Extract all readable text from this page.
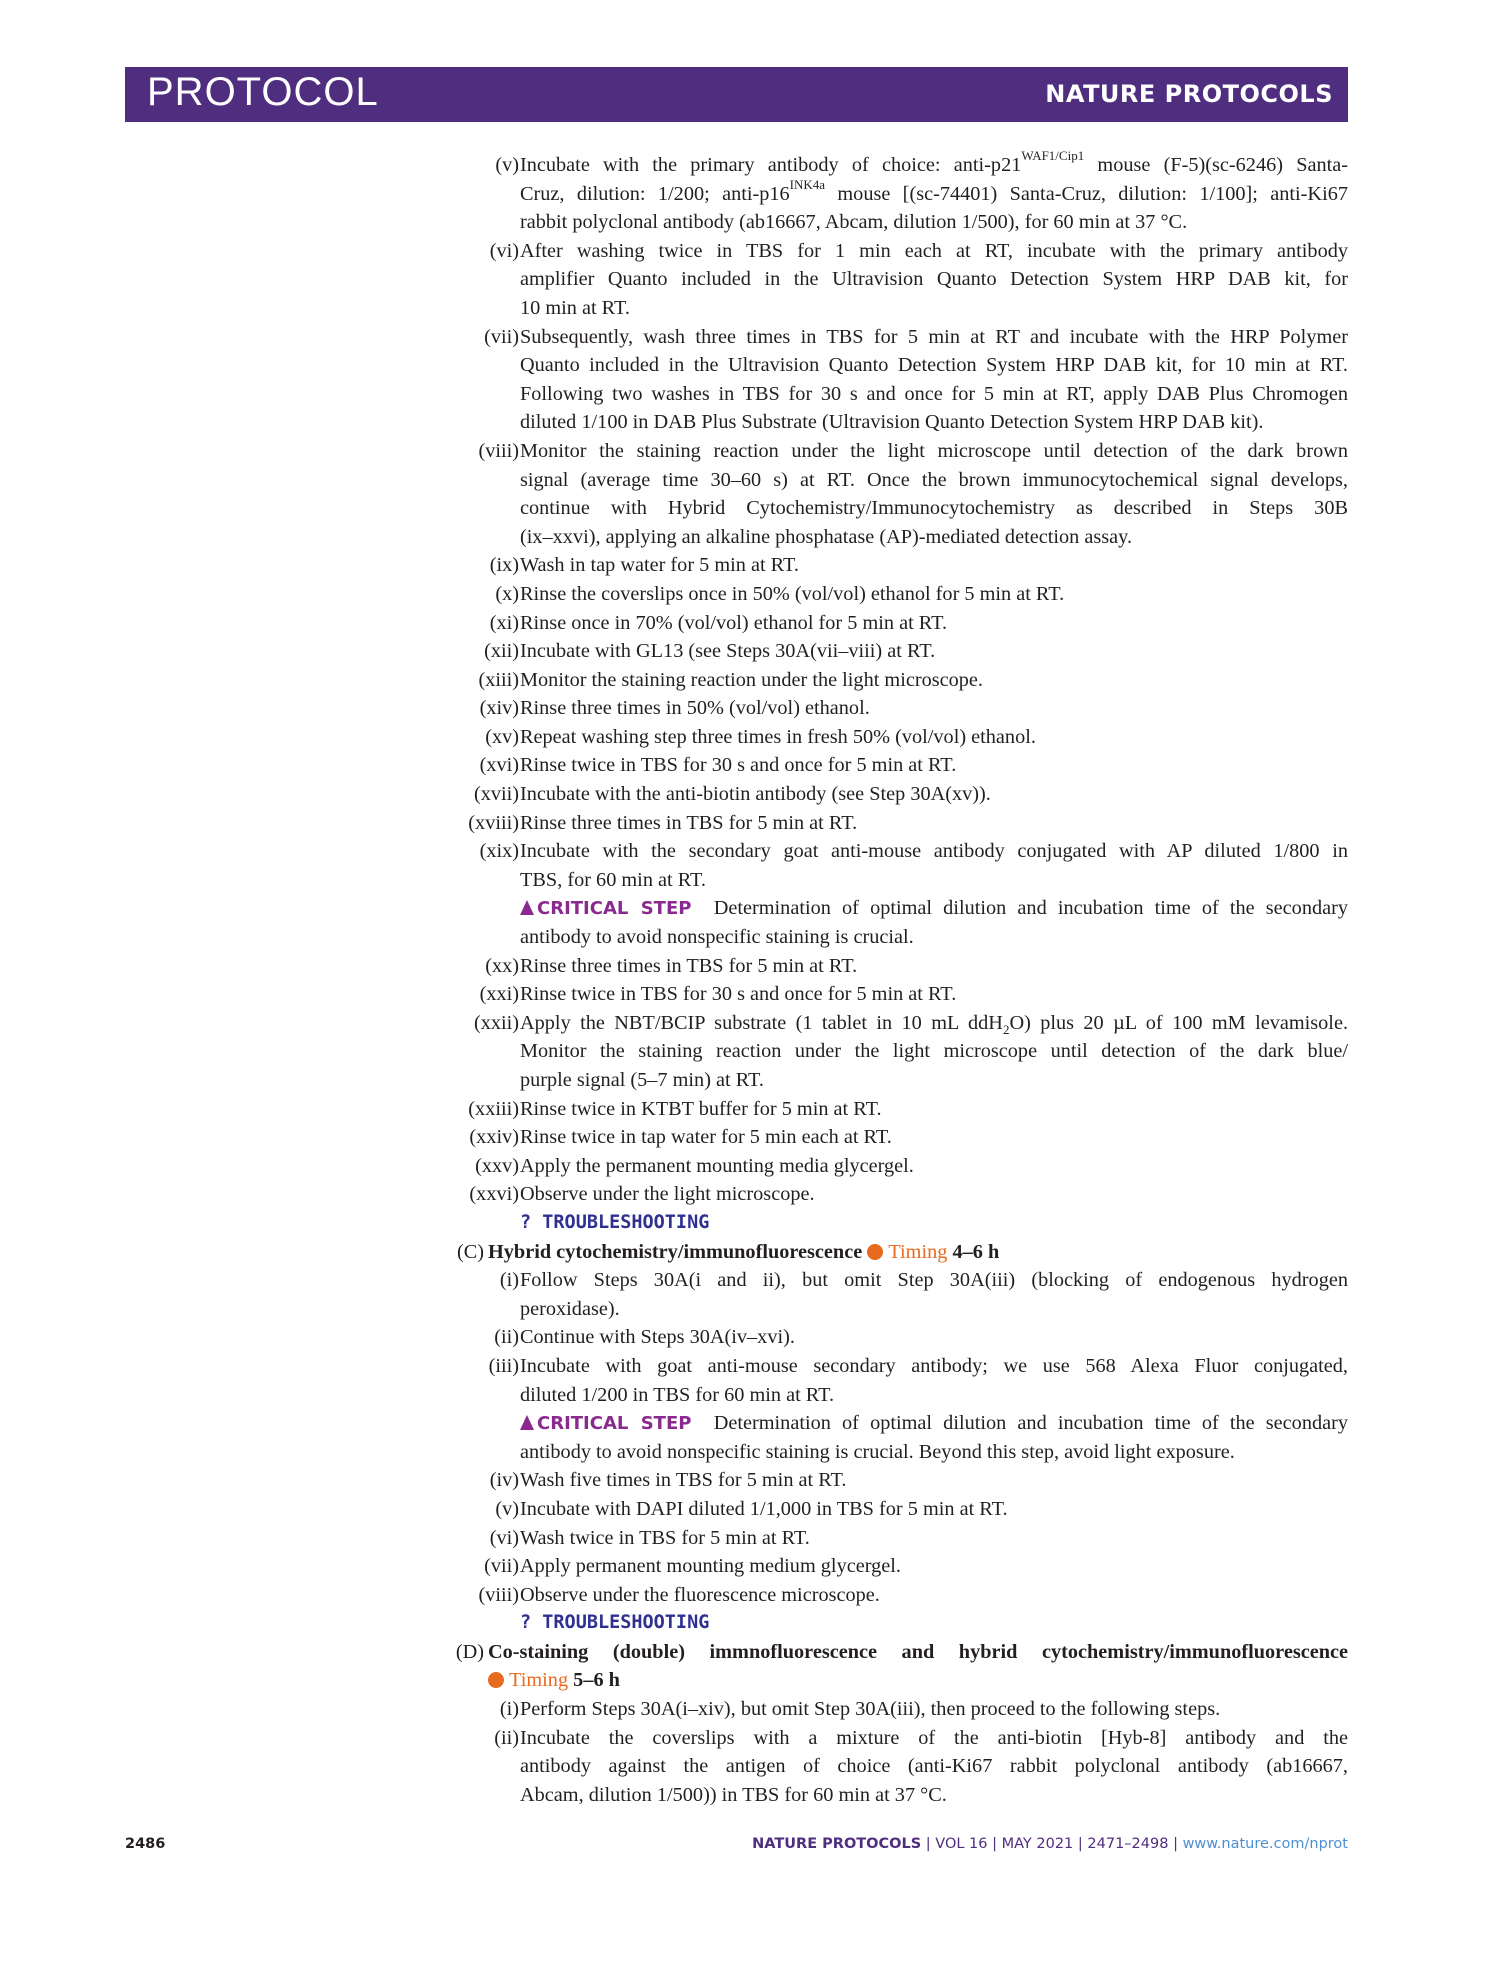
PROTOCOL	NATURE PROTOCOLS
(v) Incubate with the primary antibody of choice: anti-$p21^{WAF1/Cip1}$ mouse (F-5)(sc-6246) Santa-
Cruz, dilution: 1/200; anti-$p16^{INK4a}$ mouse [(sc-74401) Santa-Cruz, dilution: 1/100]; anti-Ki67
rabbit polyclonal antibody (ab16667, Abcam, dilution 1/500), for 60 min at 37 °C.
(vi) After washing twice in TBS for 1 min each at RT, incubate with the primary antibody
amplifier Quanto included in the Ultravision Quanto Detection System HRP DAB kit, for
10 min at RT.
(vii) Subsequently, wash three times in TBS for 5 min at RT and incubate with the HRP Polymer
Quanto included in the Ultravision Quanto Detection System HRP DAB kit, for 10 min at RT.
Following two washes in TBS for 30 s and once for 5 min at RT, apply DAB Plus Chromogen
diluted 1/100 in DAB Plus Substrate (Ultravision Quanto Detection System HRP DAB kit).
(viii) Monitor the staining reaction under the light microscope until detection of the dark brown
signal (average time 30–60 s) at RT. Once the brown immunocytochemical signal develops,
continue with Hybrid Cytochemistry/Immunocytochemistry as described in Steps 30B
(ix–xxvi), applying an alkaline phosphatase (AP)-mediated detection assay.
(ix) Wash in tap water for 5 min at RT.
(x) Rinse the coverslips once in 50% (vol/vol) ethanol for 5 min at RT.
(xi) Rinse once in 70% (vol/vol) ethanol for 5 min at RT.
(xii) Incubate with GL13 (see Steps 30A(vii–viii) at RT.
(xiii) Monitor the staining reaction under the light microscope.
(xiv) Rinse three times in 50% (vol/vol) ethanol.
(xv) Repeat washing step three times in fresh 50% (vol/vol) ethanol.
(xvi) Rinse twice in TBS for 30 s and once for 5 min at RT.
(xvii) Incubate with the anti-biotin antibody (see Step 30A(xv)).
(xviii) Rinse three times in TBS for 5 min at RT.
(xix) Incubate with the secondary goat anti-mouse antibody conjugated with AP diluted 1/800 in
TBS, for 60 min at RT.
CRITICAL STEP Determination of optimal dilution and incubation time of the secondary
antibody to avoid nonspecific staining is crucial.
(xx) Rinse three times in TBS for 5 min at RT.
(xxi) Rinse twice in TBS for 30 s and once for 5 min at RT.
(xxii) Apply the NBT/BCIP substrate (1 tablet in 10 mL ddH$_2$O) plus 20 µL of 100 mM levamisole.
Monitor the staining reaction under the light microscope until detection of the dark blue/
purple signal (5–7 min) at RT.
(xxiii) Rinse twice in KTBT buffer for 5 min at RT.
(xxiv) Rinse twice in tap water for 5 min each at RT.
(xxv) Apply the permanent mounting media glycergel.
(xxvi) Observe under the light microscope.
? TROUBLESHOOTING
(C) Hybrid cytochemistry/immunofluorescence Timing 4–6 h
(i) Follow Steps 30A(i and ii), but omit Step 30A(iii) (blocking of endogenous hydrogen
peroxidase).
(ii) Continue with Steps 30A(iv–xvi).
(iii) Incubate with goat anti-mouse secondary antibody; we use 568 Alexa Fluor conjugated,
diluted 1/200 in TBS for 60 min at RT.
CRITICAL STEP Determination of optimal dilution and incubation time of the secondary
antibody to avoid nonspecific staining is crucial. Beyond this step, avoid light exposure.
(iv) Wash five times in TBS for 5 min at RT.
(v) Incubate with DAPI diluted 1/1,000 in TBS for 5 min at RT.
(vi) Wash twice in TBS for 5 min at RT.
(vii) Apply permanent mounting medium glycergel.
(viii) Observe under the fluorescence microscope.
? TROUBLESHOOTING
(D) Co-staining (double) immnofluorescence and hybrid cytochemistry/immunofluorescence
Timing 5–6 h
(i) Perform Steps 30A(i–xiv), but omit Step 30A(iii), then proceed to the following steps.
(ii) Incubate the coverslips with a mixture of the anti-biotin [Hyb-8] antibody and the
antibody against the antigen of choice (anti-Ki67 rabbit polyclonal antibody (ab16667,
Abcam, dilution 1/500)) in TBS for 60 min at 37 °C.
2486	NATURE PROTOCOLS | VOL 16 | MAY 2021 | 2471–2498 | www.nature.com/nprot
